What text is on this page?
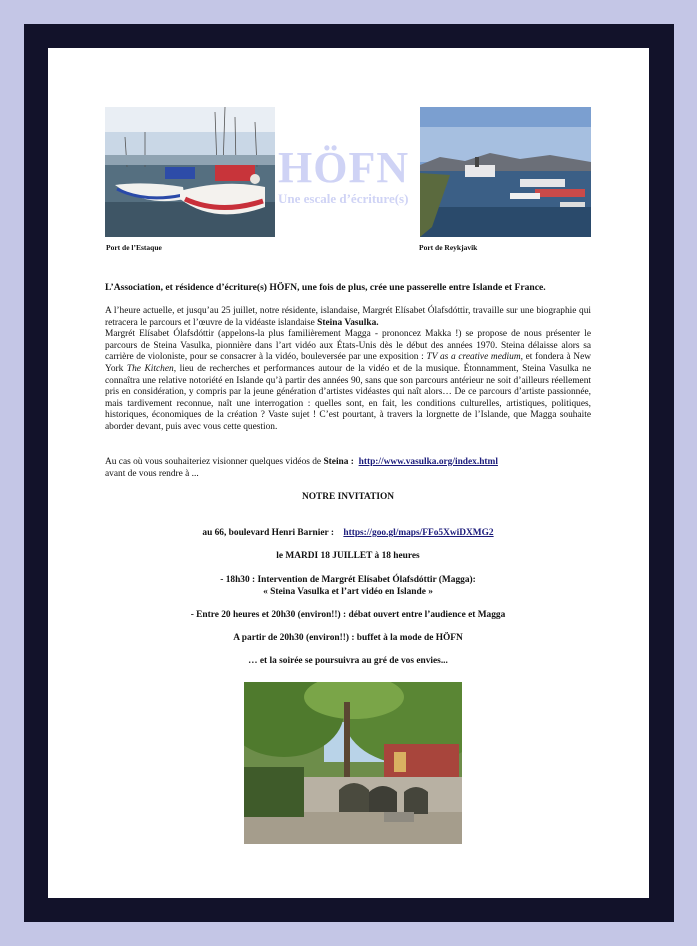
HÖFN
Une escale d’écriture(s)
Port de l’Estaque	Port de Reykjavik
L’Association, et résidence d’écriture(s) HÖFN, une fois de plus, crée une passerelle entre Islande et France.
A l’heure actuelle, et jusqu’au 25 juillet, notre résidente, islandaise, Margrét Elísabet Ólafsdóttir, travaille sur une biographie qui retracera le parcours et l’œuvre de la vidéaste islandaise Steina Vasulka.
Margrét Elísabet Ólafsdóttir (appelons-la plus familièrement Magga - prononcez Makka !) se propose de nous présenter le parcours de Steina Vasulka, pionnière dans l’art vidéo aux États-Unis dès le début des années 1970. Steina délaisse alors sa carrière de violoniste, pour se consacrer à la vidéo, bouleversée par une exposition : TV as a creative medium, et fondera à New York The Kitchen, lieu de recherches et performances autour de la vidéo et de la musique. Étonnamment, Steina Vasulka ne connaîtra une relative notoriété en Islande qu’à partir des années 90, sans que son parcours antérieur ne soit d’ailleurs réellement pris en considération, y compris par la jeune génération d’artistes vidéastes qui naît alors… De ce parcours d’artiste passionnée, mais tardivement reconnue, naît une interrogation : quelles sont, en fait, les conditions culturelles, artistiques, politiques, historiques, économiques de la création ? Vaste sujet ! C’est pourtant, à travers la lorgnette de l’Islande, que Magga souhaite aborder devant, puis avec vous cette question.
Au cas où vous souhaiteriez visionner quelques vidéos de Steina : http://www.vasulka.org/index.html
avant de vous rendre à ...
NOTRE INVITATION
au 66, boulevard Henri Barnier : https://goo.gl/maps/FFo5XwiDXMG2
le MARDI 18 JUILLET à 18 heures
- 18h30 : Intervention de Margrét Elísabet Ólafsdóttir (Magga):
« Steina Vasulka et l’art vidéo en Islande »
- Entre 20 heures et 20h30 (environ!!) : débat ouvert entre l’audience et Magga
A partir de 20h30 (environ!!) : buffet à la mode de HÖFN
… et la soirée se poursuivra au gré de vos envies...
